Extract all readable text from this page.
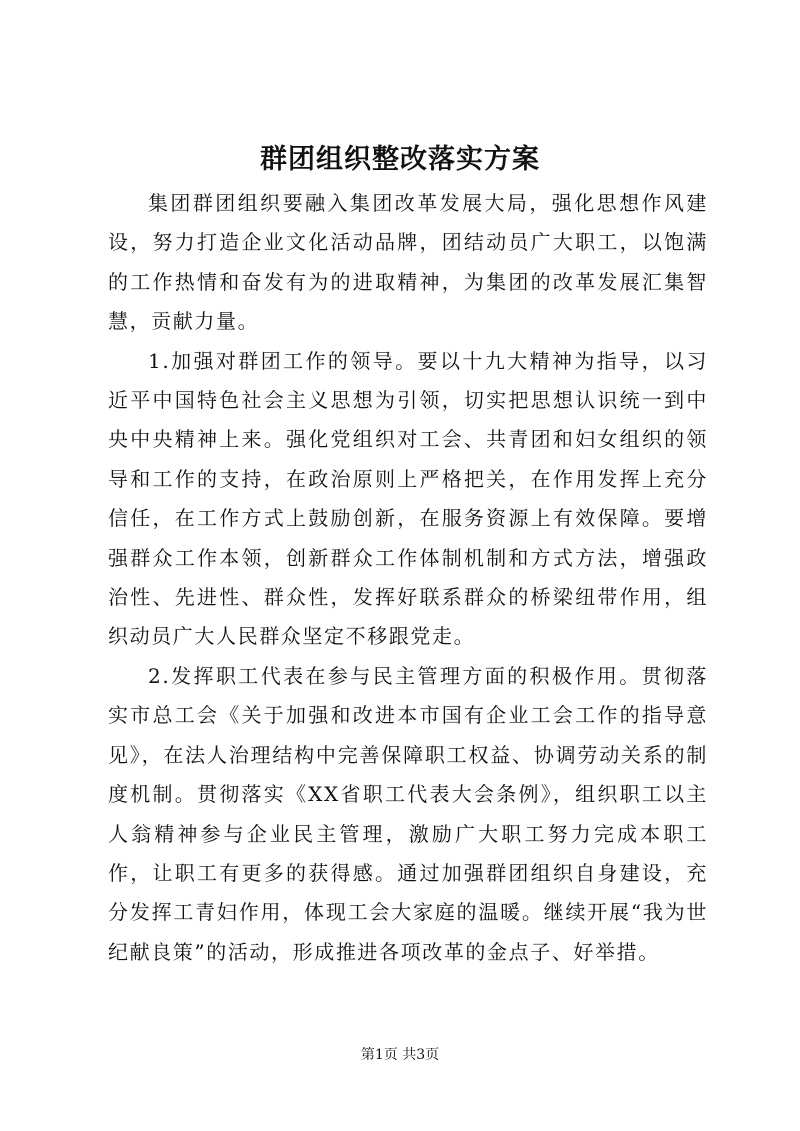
群团组织整改落实方案

集团群团组织要融入集团改革发展大局，强化思想作风建设，努力打造企业文化活动品牌，团结动员广大职工，以饱满的工作热情和奋发有为的进取精神，为集团的改革发展汇集智慧，贡献力量。

1.加强对群团工作的领导。要以十九大精神为指导，以习近平中国特色社会主义思想为引领，切实把思想认识统一到中央中央精神上来。强化党组织对工会、共青团和妇女组织的领导和工作的支持，在政治原则上严格把关，在作用发挥上充分信任，在工作方式上鼓励创新，在服务资源上有效保障。要增强群众工作本领，创新群众工作体制机制和方式方法，增强政治性、先进性、群众性，发挥好联系群众的桥梁纽带作用，组织动员广大人民群众坚定不移跟党走。

2.发挥职工代表在参与民主管理方面的积极作用。贯彻落实市总工会《关于加强和改进本市国有企业工会工作的指导意见》，在法人治理结构中完善保障职工权益、协调劳动关系的制度机制。贯彻落实《XX省职工代表大会条例》，组织职工以主人翁精神参与企业民主管理，激励广大职工努力完成本职工作，让职工有更多的获得感。通过加强群团组织自身建设，充分发挥工青妇作用，体现工会大家庭的温暖。继续开展“我为世纪献良策”的活动，形成推进各项改革的金点子、好举措。

第1页 共3页
